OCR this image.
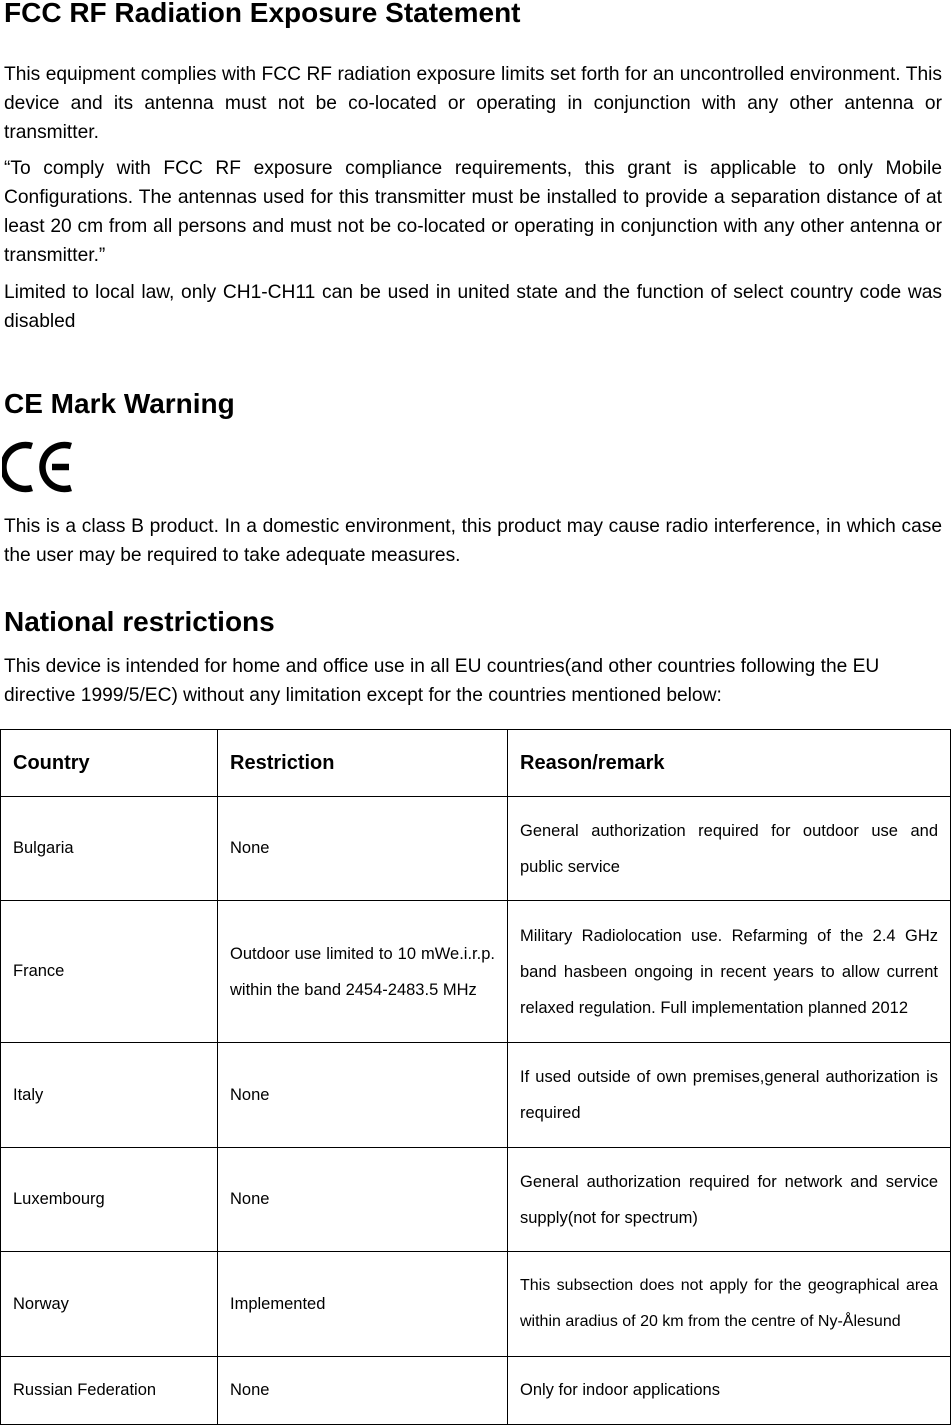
FCC RF Radiation Exposure Statement

This equipment complies with FCC RF radiation exposure limits set forth for an uncontrolled environment. This device and its antenna must not be co-located or operating in conjunction with any other antenna or transmitter.

“To comply with FCC RF exposure compliance requirements, this grant is applicable to only Mobile Configurations. The antennas used for this transmitter must be installed to provide a separation distance of at least 20 cm from all persons and must not be co-located or operating in conjunction with any other antenna or transmitter.”

Limited to local law, only CH1-CH11 can be used in united state and the function of select country code was disabled

CE Mark Warning

This is a class B product. In a domestic environment, this product may cause radio interference, in which case the user may be required to take adequate measures.

National restrictions

This device is intended for home and office use in all EU countries(and other countries following the EU directive 1999/5/EC) without any limitation except for the countries mentioned below:

Country	Restriction	Reason/remark
Bulgaria	None	General authorization required for outdoor use and public service

France	Outdoor use limited to 10 mWe.i.r.p. within the band 2454-2483.5 MHz	Military Radiolocation use. Refarming of the 2.4 GHz band hasbeen ongoing in recent years to allow current relaxed regulation. Full implementation planned 2012

Italy	None	If used outside of own premises,general authorization is required

Luxembourg	None	General authorization required for network and service supply(not for spectrum)

Norway	Implemented	This subsection does not apply for the geographical area within aradius of 20 km from the centre of Ny-Ålesund

Russian Federation	None	Only for indoor applications
